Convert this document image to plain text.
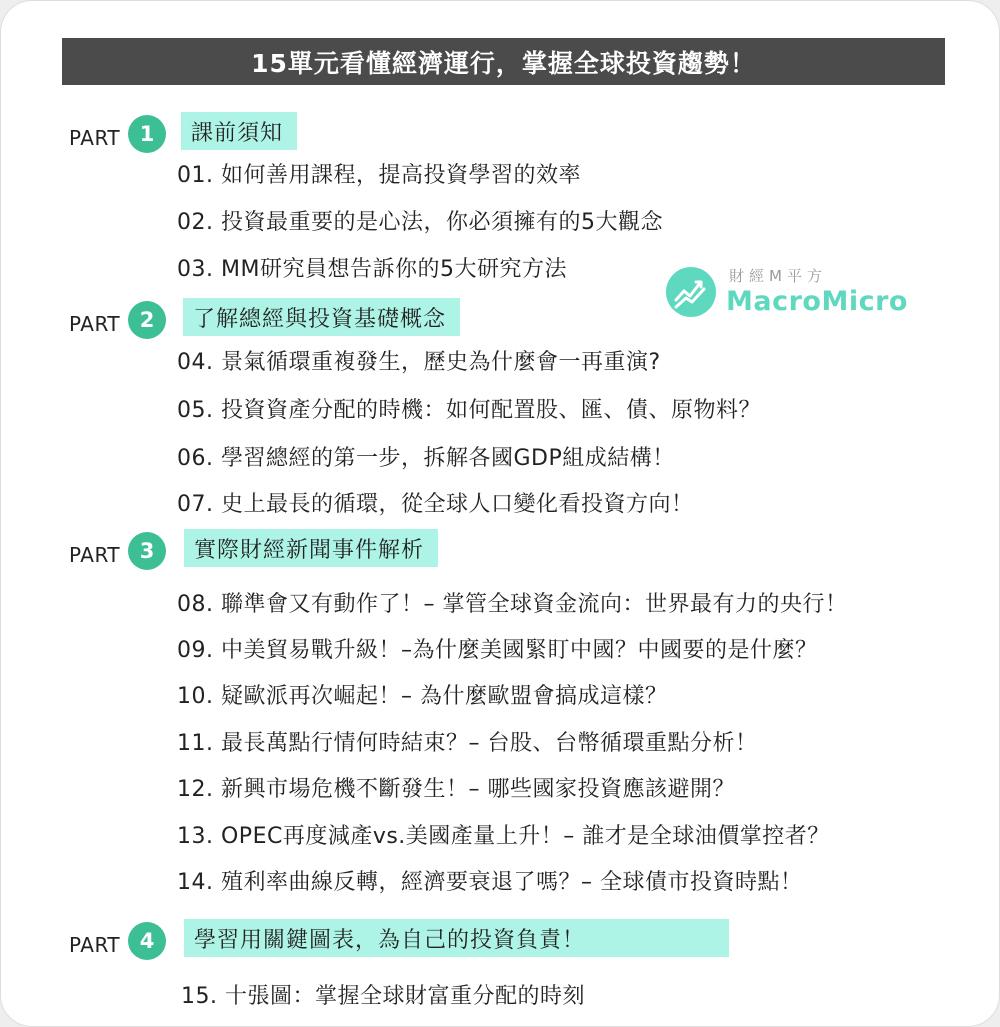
15單元看懂經濟運行，掌握全球投資趨勢！
財經M平方
MacroMicro
PART 1	課前須知
01. 如何善用課程，提高投資學習的效率
02. 投資最重要的是心法，你必須擁有的5大觀念
03. MM研究員想告訴你的5大研究方法
PART 2	了解總經與投資基礎概念
04. 景氣循環重複發生，歷史為什麼會一再重演?
05. 投資資產分配的時機：如何配置股、匯、債、原物料？
06. 學習總經的第一步，拆解各國GDP組成結構！
07. 史上最長的循環，從全球人口變化看投資方向！
PART 3	實際財經新聞事件解析
08. 聯準會又有動作了！– 掌管全球資金流向：世界最有力的央行！
09. 中美貿易戰升級！–為什麼美國緊盯中國？中國要的是什麼？
10. 疑歐派再次崛起！– 為什麼歐盟會搞成這樣？
11. 最長萬點行情何時結束？– 台股、台幣循環重點分析！
12. 新興市場危機不斷發生！– 哪些國家投資應該避開？
13. OPEC再度減產vs.美國產量上升！– 誰才是全球油價掌控者？
14. 殖利率曲線反轉，經濟要衰退了嗎？– 全球債市投資時點！
PART 4	學習用關鍵圖表，為自己的投資負責！
15. 十張圖：掌握全球財富重分配的時刻
